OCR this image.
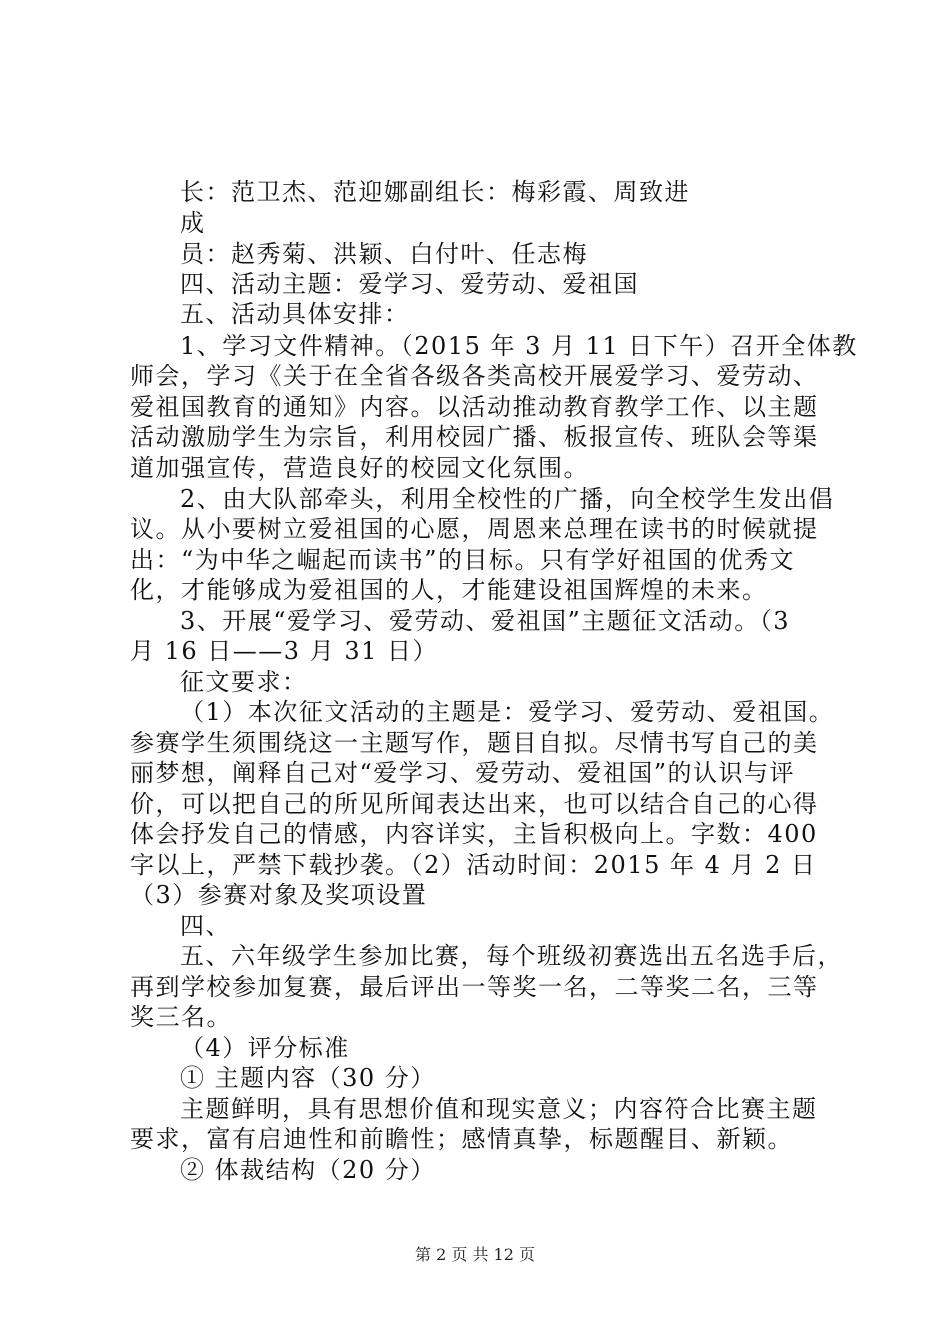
长：范卫杰、范迎娜副组长：梅彩霞、周致进
成
员：赵秀菊、洪颖、白付叶、任志梅
四、活动主题：爱学习、爱劳动、爱祖国
五、活动具体安排：
1、学习文件精神。（2015 年 3 月 11 日下午）召开全体教
师会，学习《关于在全省各级各类高校开展爱学习、爱劳动、
爱祖国教育的通知》内容。以活动推动教育教学工作、以主题
活动激励学生为宗旨，利用校园广播、板报宣传、班队会等渠
道加强宣传，营造良好的校园文化氛围。
2、由大队部牵头，利用全校性的广播，向全校学生发出倡
议。从小要树立爱祖国的心愿，周恩来总理在读书的时候就提
出：“为中华之崛起而读书”的目标。只有学好祖国的优秀文
化，才能够成为爱祖国的人，才能建设祖国辉煌的未来。
3、开展“爱学习、爱劳动、爱祖国”主题征文活动。（3
月 16 日——3 月 31 日）
征文要求：
（1）本次征文活动的主题是：爱学习、爱劳动、爱祖国。
参赛学生须围绕这一主题写作，题目自拟。尽情书写自己的美
丽梦想，阐释自己对“爱学习、爱劳动、爱祖国”的认识与评
价，可以把自己的所见所闻表达出来，也可以结合自己的心得
体会抒发自己的情感，内容详实，主旨积极向上。字数：400
字以上，严禁下载抄袭。（2）活动时间：2015 年 4 月 2 日
（3）参赛对象及奖项设置
四、
五、六年级学生参加比赛，每个班级初赛选出五名选手后，
再到学校参加复赛，最后评出一等奖一名，二等奖二名，三等
奖三名。
（4）评分标准
① 主题内容（30 分）
主题鲜明，具有思想价值和现实意义；内容符合比赛主题
要求，富有启迪性和前瞻性；感情真挚，标题醒目、新颖。
② 体裁结构（20 分）
第 2 页 共 12 页
